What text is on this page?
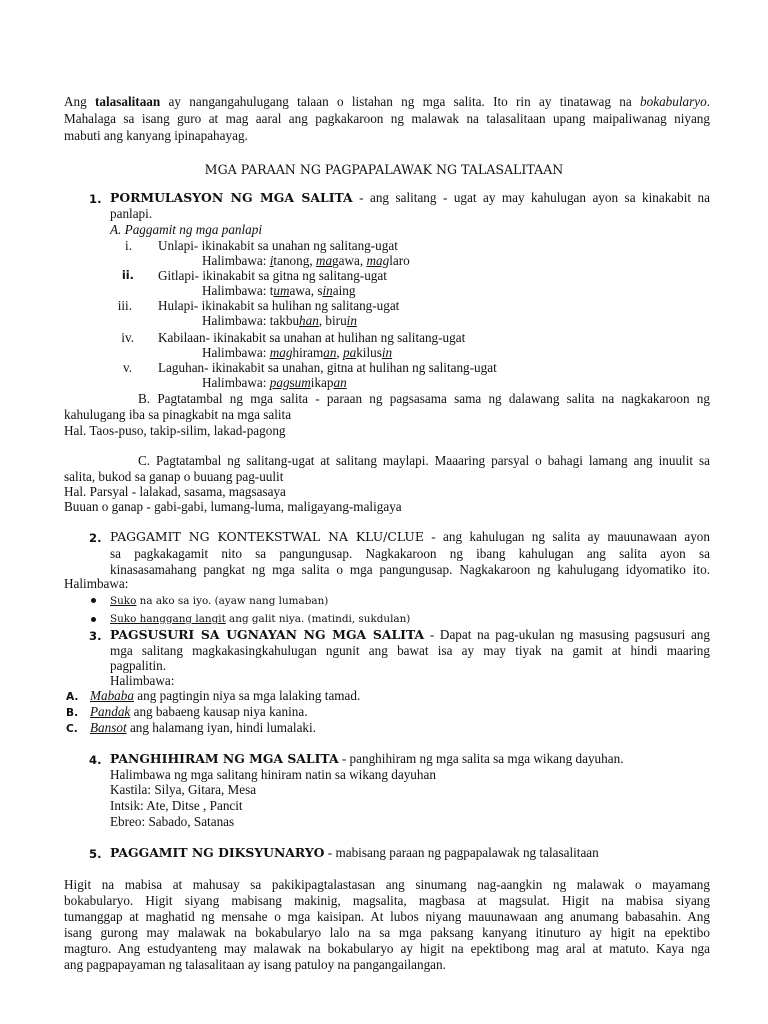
Ang talasalitaan ay nangangahulugang talaan o listahan ng mga salita. Ito rin ay tinatawag na bokabularyo.
Mahalaga sa isang guro at mag aaral ang pagkakaroon ng malawak na talasalitaan upang maipaliwanag niyang
mabuti ang kanyang ipinapahayag.
MGA PARAAN NG PAGPAPALAWAK NG TALASALITAAN
1. PORMULASYON NG MGA SALITA - ang salitang - ugat ay may kahulugan ayon sa kinakabit na
panlapi.
A. Paggamit ng mga panlapi
i. Unlapi- ikinakabit sa unahan ng salitang-ugat
Halimbawa: itanong, magawa, maglaro
ii. Gitlapi- ikinakabit sa gitna ng salitang-ugat
Halimbawa: tumawa, sinaing
iii. Hulapi- ikinakabit sa hulihan ng salitang-ugat
Halimbawa: takbuhan, biruin
iv. Kabilaan- ikinakabit sa unahan at hulihan ng salitang-ugat
Halimbawa: maghiraman, pakilusin
v. Laguhan- ikinakabit sa unahan, gitna at hulihan ng salitang-ugat
Halimbawa: pagsumikapan
B. Pagtatambal ng mga salita - paraan ng pagsasama sama ng dalawang salita na nagkakaroon ng
kahulugang iba sa pinagkabit na mga salita
Hal. Taos-puso, takip-silim, lakad-pagong
C. Pagtatambal ng salitang-ugat at salitang maylapi. Maaaring parsyal o bahagi lamang ang inuulit sa
salita, bukod sa ganap o buuang pag-uulit
Hal. Parsyal - lalakad, sasama, magsasaya
Buuan o ganap - gabi-gabi, lumang-luma, maligayang-maligaya
2. PAGGAMIT NG KONTEKSTWAL NA KLU/CLUE - ang kahulugan ng salita ay mauunawaan ayon
sa pagkakagamit nito sa pangungusap. Nagkakaroon ng ibang kahulugan ang salita ayon sa
kinasasamahang pangkat ng mga salita o mga pangungusap. Nagkakaroon ng kahulugang idyomatiko ito.
Halimbawa:
Suko na ako sa iyo. (ayaw nang lumaban)
Suko hanggang langit ang galit niya. (matindi, sukdulan)
3. PAGSUSURI SA UGNAYAN NG MGA SALITA - Dapat na pag-ukulan ng masusing pagsusuri ang
mga salitang magkakasingkahulugan ngunit ang bawat isa ay may tiyak na gamit at hindi maaring
pagpalitin.
Halimbawa:
A. Mababa ang pagtingin niya sa mga lalaking tamad.
B. Pandak ang babaeng kausap niya kanina.
C. Bansot ang halamang iyan, hindi lumalaki.
4. PANGHIHIRAM NG MGA SALITA - panghihiram ng mga salita sa mga wikang dayuhan.
Halimbawa ng mga salitang hiniram natin sa wikang dayuhan
Kastila: Silya, Gitara, Mesa
Intsik: Ate, Ditse , Pancit
Ebreo: Sabado, Satanas
5. PAGGAMIT NG DIKSYUNARYO - mabisang paraan ng pagpapalawak ng talasalitaan
Higit na mabisa at mahusay sa pakikipagtalastasan ang sinumang nag-aangkin ng malawak o mayamang
bokabularyo. Higit siyang mabisang makinig, magsalita, magbasa at magsulat. Higit na mabisa siyang
tumanggap at maghatid ng mensahe o mga kaisipan. At lubos niyang mauunawaan ang anumang babasahin. Ang
isang gurong may malawak na bokabularyo lalo na sa mga paksang kanyang itinuturo ay higit na epektibo
magturo. Ang estudyanteng may malawak na bokabularyo ay higit na epektibong mag aral at matuto. Kaya nga
ang pagpapayaman ng talasalitaan ay isang patuloy na pangangailangan.
